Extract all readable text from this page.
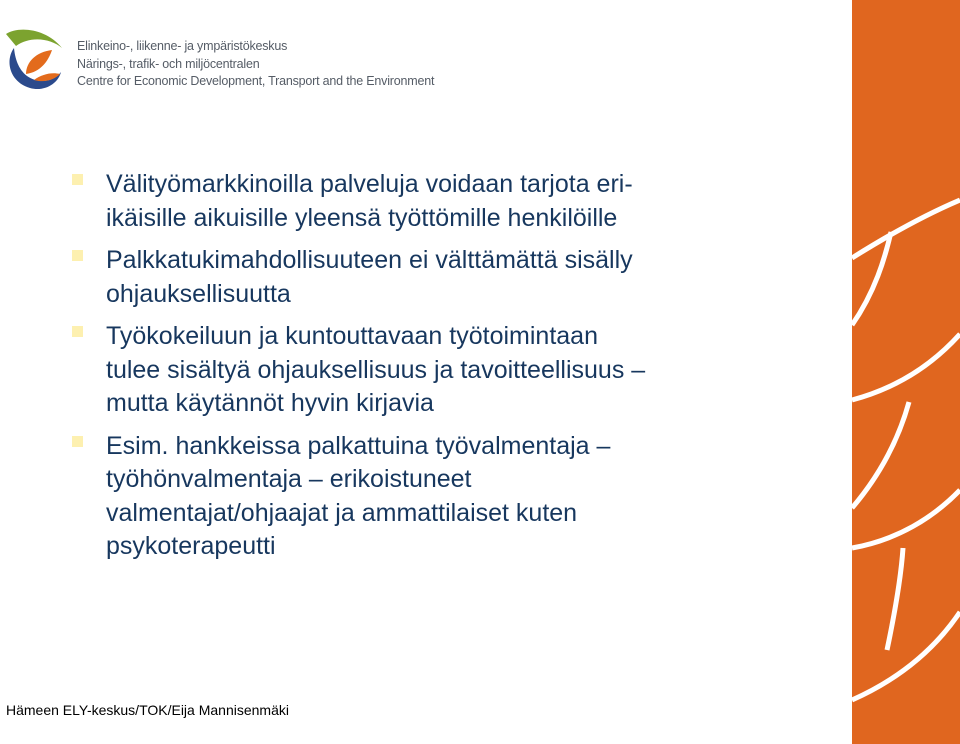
Elinkeino-, liikenne- ja ympäristökeskus
Närings-, trafik- och miljöcentralen
Centre for Economic Development, Transport and the Environment
Välityömarkkinoilla palveluja voidaan tarjota eri-
ikäisille aikuisille yleensä työttömille henkilöille
Palkkatukimahdollisuuteen ei välttämättä sisälly
ohjauksellisuutta
Työkokeiluun ja kuntouttavaan työtoimintaan
tulee sisältyä ohjauksellisuus ja tavoitteellisuus –
mutta käytännöt hyvin kirjavia
Esim. hankkeissa palkattuina työvalmentaja –
työhönvalmentaja – erikoistuneet
valmentajat/ohjaajat ja ammattilaiset kuten
psykoterapeutti
Hämeen ELY-keskus/TOK/Eija Mannisenmäki
